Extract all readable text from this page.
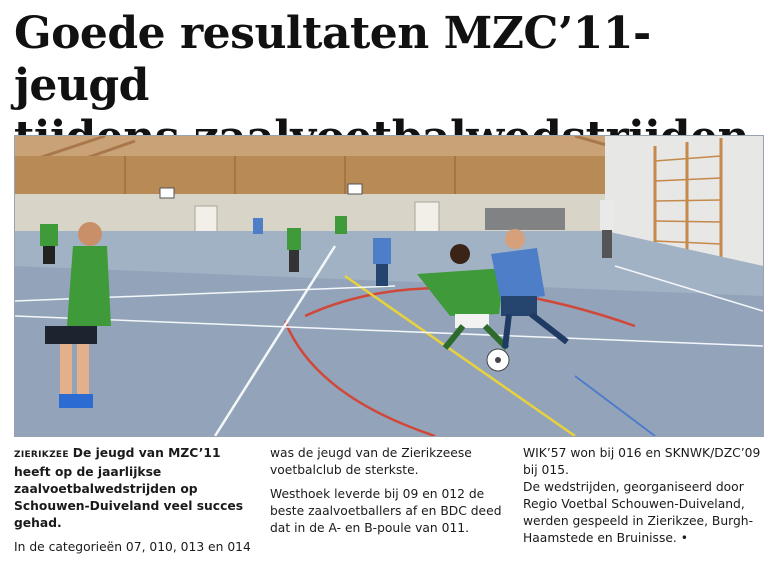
Goede resultaten MZC’11-jeugd

ZIERIKZEE De jeugd van MZC’11 heeft op de jaarlijkse zaalvoetbalwedstrijden op Schouwen-Duiveland veel succes gehad.

In de categorieën 07, 010, 013 en 014

was de jeugd van de Zierikzeese voetbalclub de sterkste.

Westhoek leverde bij 09 en 012 de beste zaalvoetballers af en BDC deed dat in de A- en B-poule van 011.

WIK’57 won bij 016 en SKNWK/DZC’09 bij 015.

De wedstrijden, georganiseerd door Regio Voetbal Schouwen-Duiveland, werden gespeeld in Zierikzee, Burgh-Haamstede en Bruinisse. •
